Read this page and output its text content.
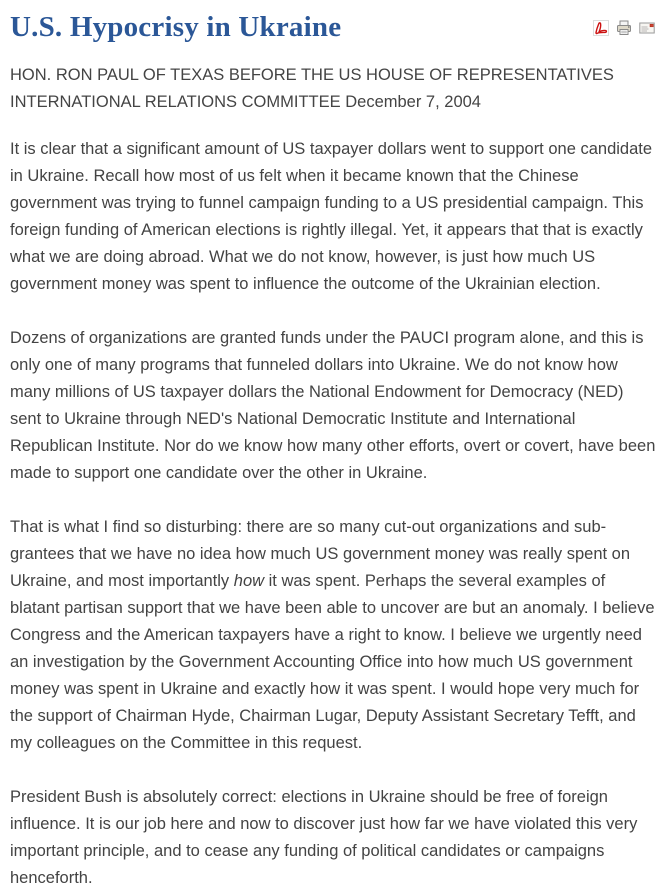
U.S. Hypocrisy in Ukraine
HON. RON PAUL OF TEXAS BEFORE THE US HOUSE OF REPRESENTATIVES INTERNATIONAL RELATIONS COMMITTEE December 7, 2004

It is clear that a significant amount of US taxpayer dollars went to support one candidate in Ukraine. Recall how most of us felt when it became known that the Chinese government was trying to funnel campaign funding to a US presidential campaign. This foreign funding of American elections is rightly illegal. Yet, it appears that that is exactly what we are doing abroad. What we do not know, however, is just how much US government money was spent to influence the outcome of the Ukrainian election.

Dozens of organizations are granted funds under the PAUCI program alone, and this is only one of many programs that funneled dollars into Ukraine. We do not know how many millions of US taxpayer dollars the National Endowment for Democracy (NED) sent to Ukraine through NED's National Democratic Institute and International Republican Institute. Nor do we know how many other efforts, overt or covert, have been made to support one candidate over the other in Ukraine.

That is what I find so disturbing: there are so many cut-out organizations and sub-grantees that we have no idea how much US government money was really spent on Ukraine, and most importantly how it was spent. Perhaps the several examples of blatant partisan support that we have been able to uncover are but an anomaly. I believe Congress and the American taxpayers have a right to know. I believe we urgently need an investigation by the Government Accounting Office into how much US government money was spent in Ukraine and exactly how it was spent. I would hope very much for the support of Chairman Hyde, Chairman Lugar, Deputy Assistant Secretary Tefft, and my colleagues on the Committee in this request.

President Bush is absolutely correct: elections in Ukraine should be free of foreign influence. It is our job here and now to discover just how far we have violated this very important principle, and to cease any funding of political candidates or campaigns henceforth.
